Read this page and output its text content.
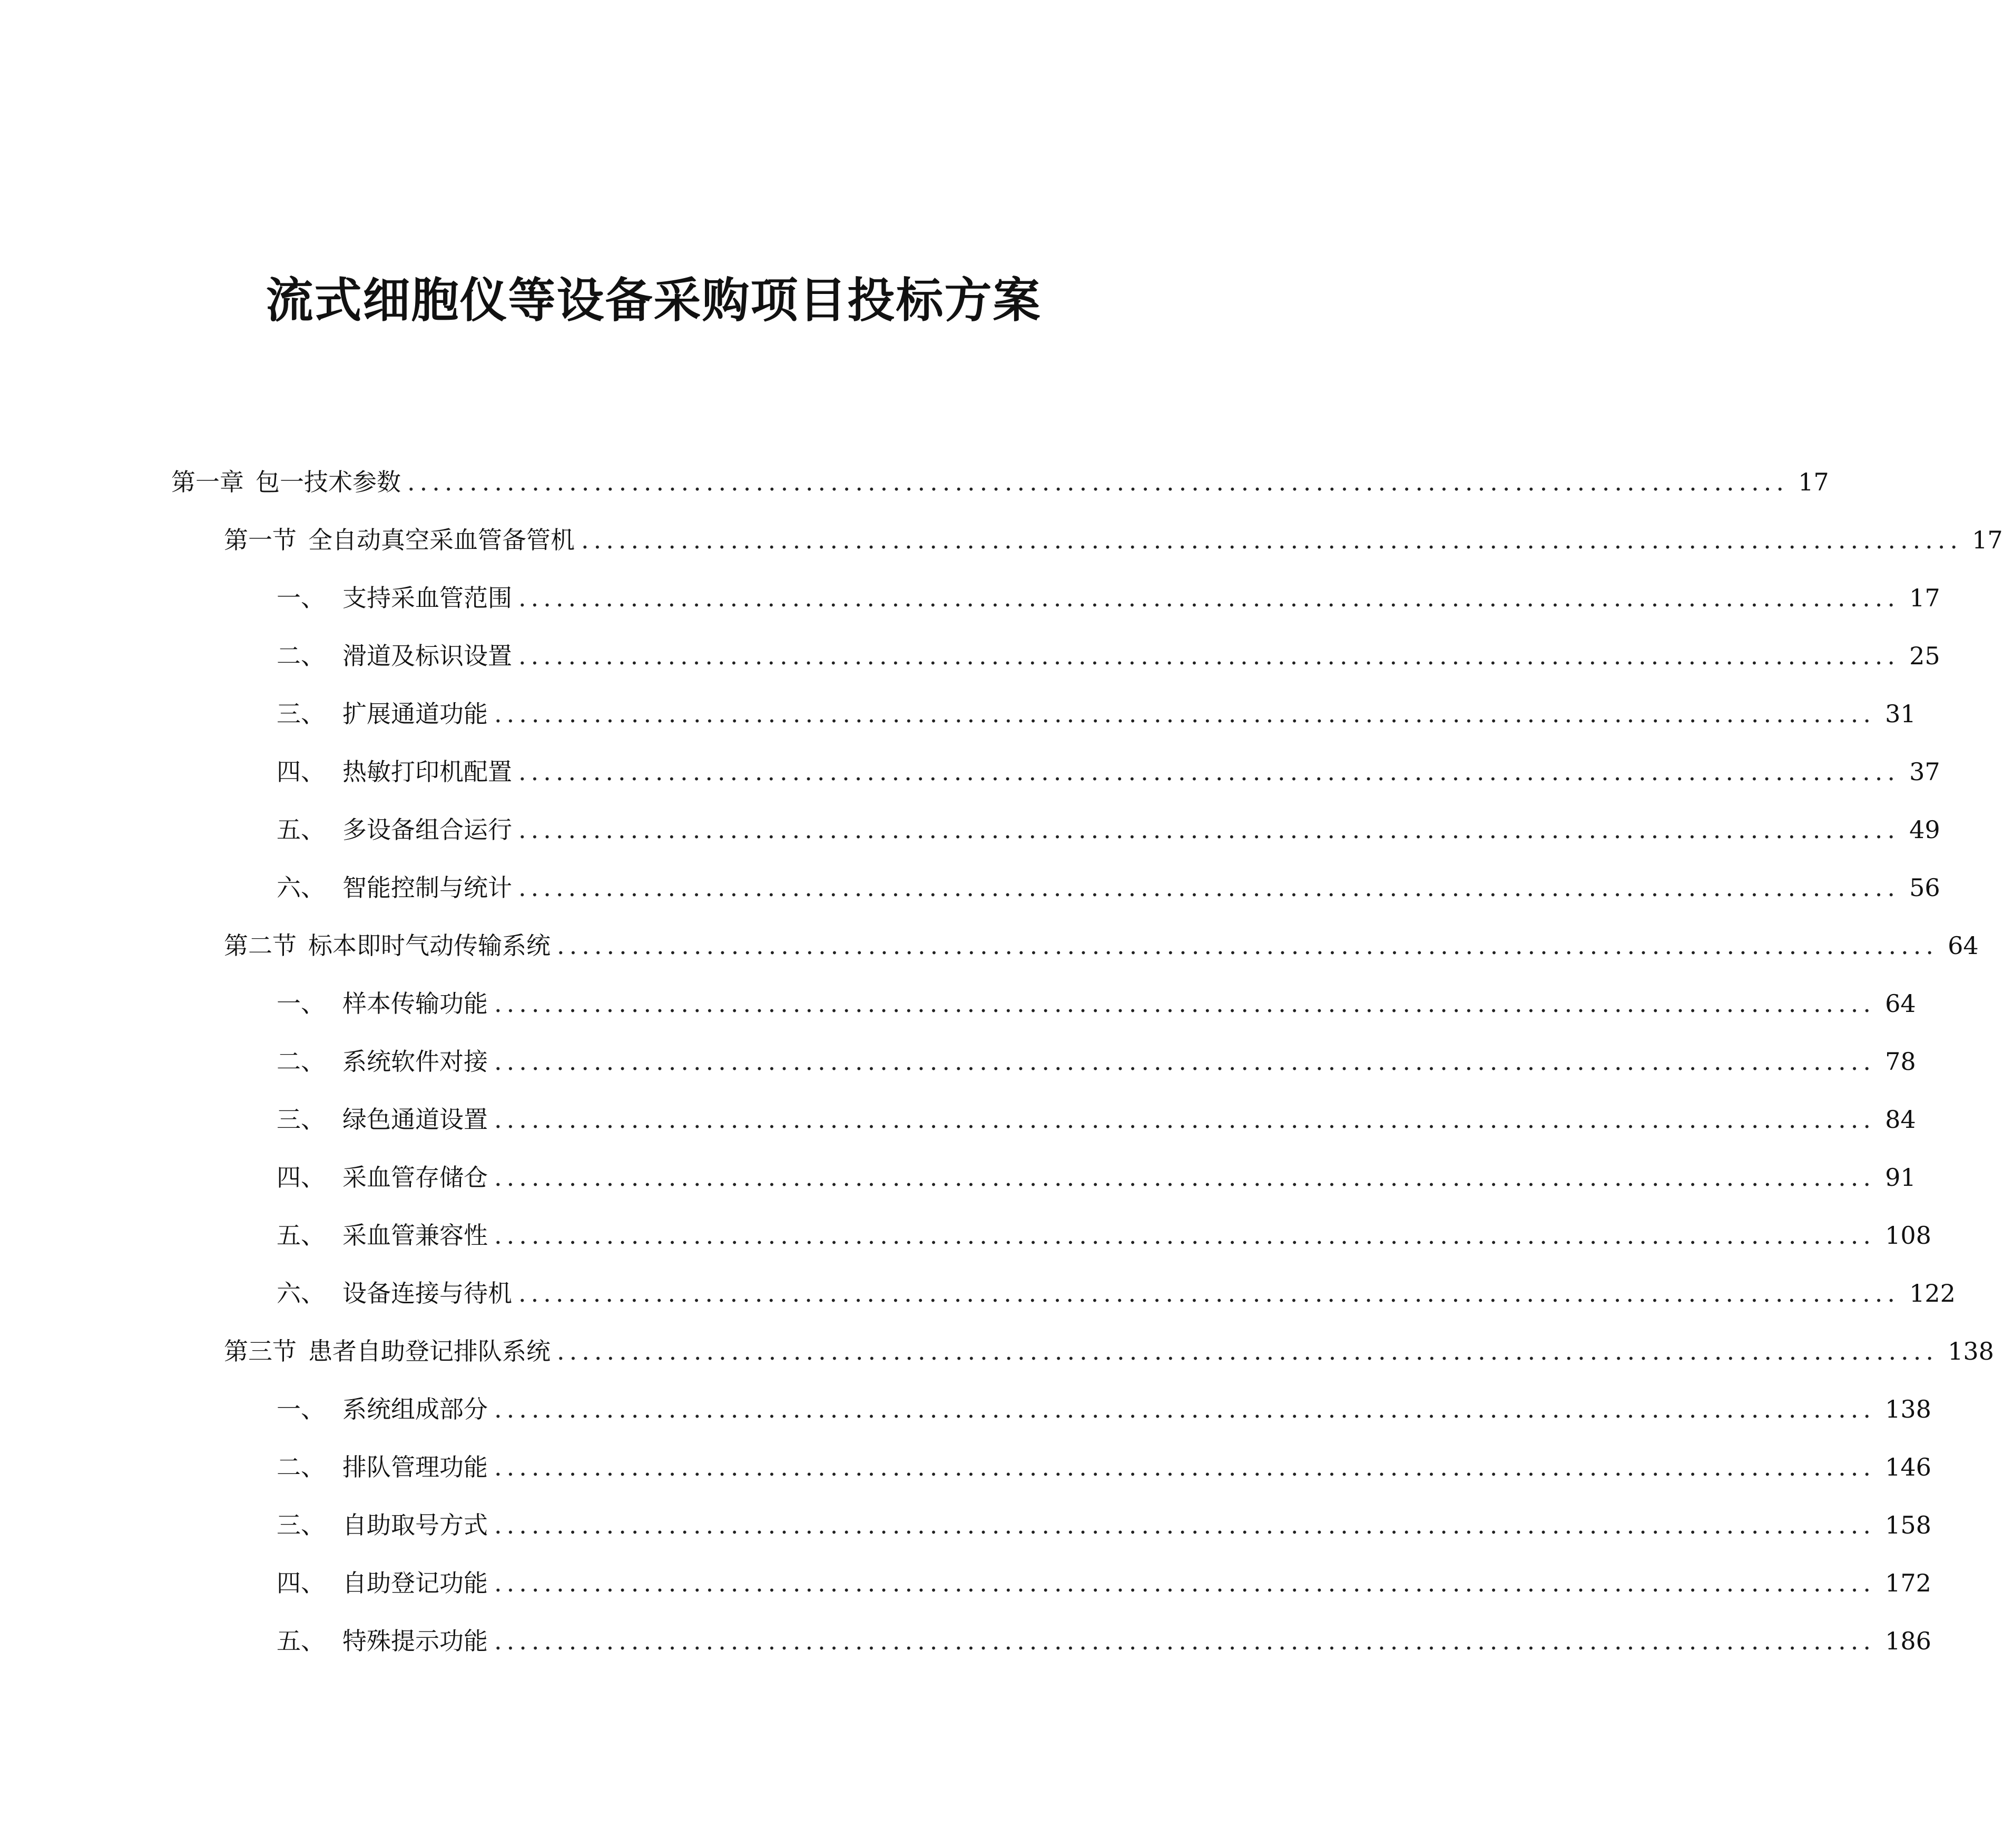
流式细胞仪等设备采购项目投标方案
第一章 包一技术参数 ............................................................................................................... 17
第一节 全自动真空采血管备管机 ............................................................................................................... 17
一、 支持采血管范围 ............................................................................................................... 17
二、 滑道及标识设置 ............................................................................................................... 25
三、 扩展通道功能 ............................................................................................................... 31
四、 热敏打印机配置 ............................................................................................................... 37
五、 多设备组合运行 ............................................................................................................... 49
六、 智能控制与统计 ............................................................................................................... 56
第二节 标本即时气动传输系统 ............................................................................................................... 64
一、 样本传输功能 ............................................................................................................... 64
二、 系统软件对接 ............................................................................................................... 78
三、 绿色通道设置 ............................................................................................................... 84
四、 采血管存储仓 ............................................................................................................... 91
五、 采血管兼容性 ............................................................................................................... 108
六、 设备连接与待机 ............................................................................................................... 122
第三节 患者自助登记排队系统 ............................................................................................................... 138
一、 系统组成部分 ............................................................................................................... 138
二、 排队管理功能 ............................................................................................................... 146
三、 自助取号方式 ............................................................................................................... 158
四、 自助登记功能 ............................................................................................................... 172
五、 特殊提示功能 ............................................................................................................... 186
